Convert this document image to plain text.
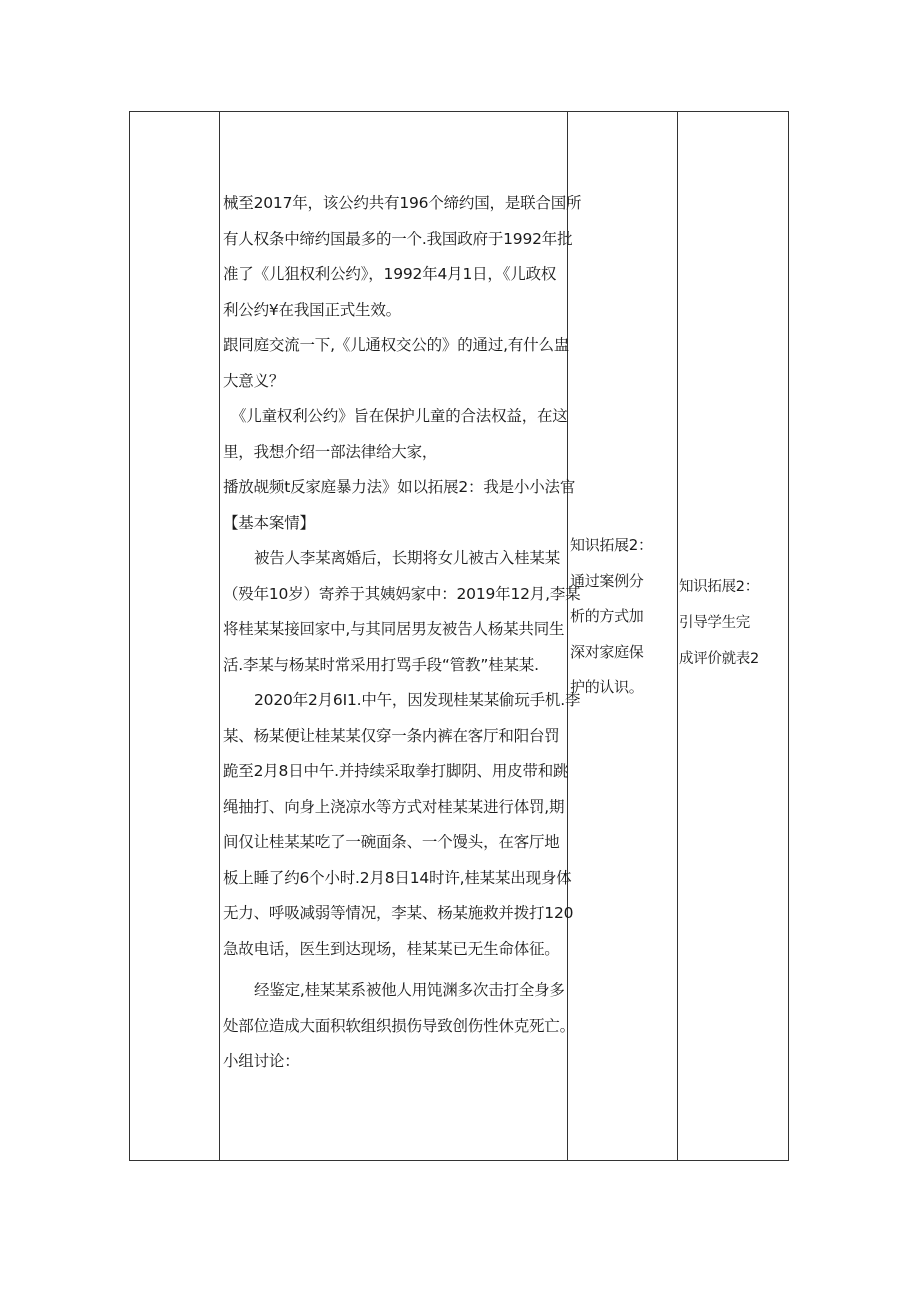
械至2017年，该公约共有196个缔约国，是联合国所
有人权条中缔约国最多的一个.我国政府于1992年批
准了《儿狙权利公约》，1992年4月1日，《儿政权
利公约¥在我国正式生效。
跟同庭交流一下,《儿通权交公的》的通过,有什么盅
大意义？
《儿童权利公约》旨在保护儿童的合法权益，在这
里，我想介绍一部法律给大家，
播放觇频t反家庭暴力法》如以拓展2：我是小小法官
【基本案情】
被告人李某离婚后，长期将女儿被古入桂某某
（殁年10岁）寄养于其姨妈家中：2019年12月,李某
将桂某某接回家中,与其同居男友被告人杨某共同生
活.李某与杨某时常采用打骂手段“管教”桂某某.
2020年2月6I1.中午，因发现桂某某偷玩手机.李
某、杨某便让桂某某仅穿一条内裤在客厅和阳台罚
跪至2月8日中午.并持续采取拳打脚阴、用皮带和跳
绳抽打、向身上浇凉水等方式对桂某某进行体罚,期
间仅让桂某某吃了一碗面条、一个馒头，在客厅地
板上睡了约6个小时.2月8日14时许,桂某某出现身体
无力、呼吸减弱等情况，李某、杨某施救并拨打120
急故电话，医生到达现场，桂某某已无生命体征。
经鉴定,桂某某系被他人用饨渊多次击打全身多
处部位造成大面积软组织损伤导致创伤性休克死亡。
小组讨论：
知识拓展2：
通过案例分
析的方式加
深对家庭保
护的认识。
知识拓展2：
引导学生完
成评价就表2
